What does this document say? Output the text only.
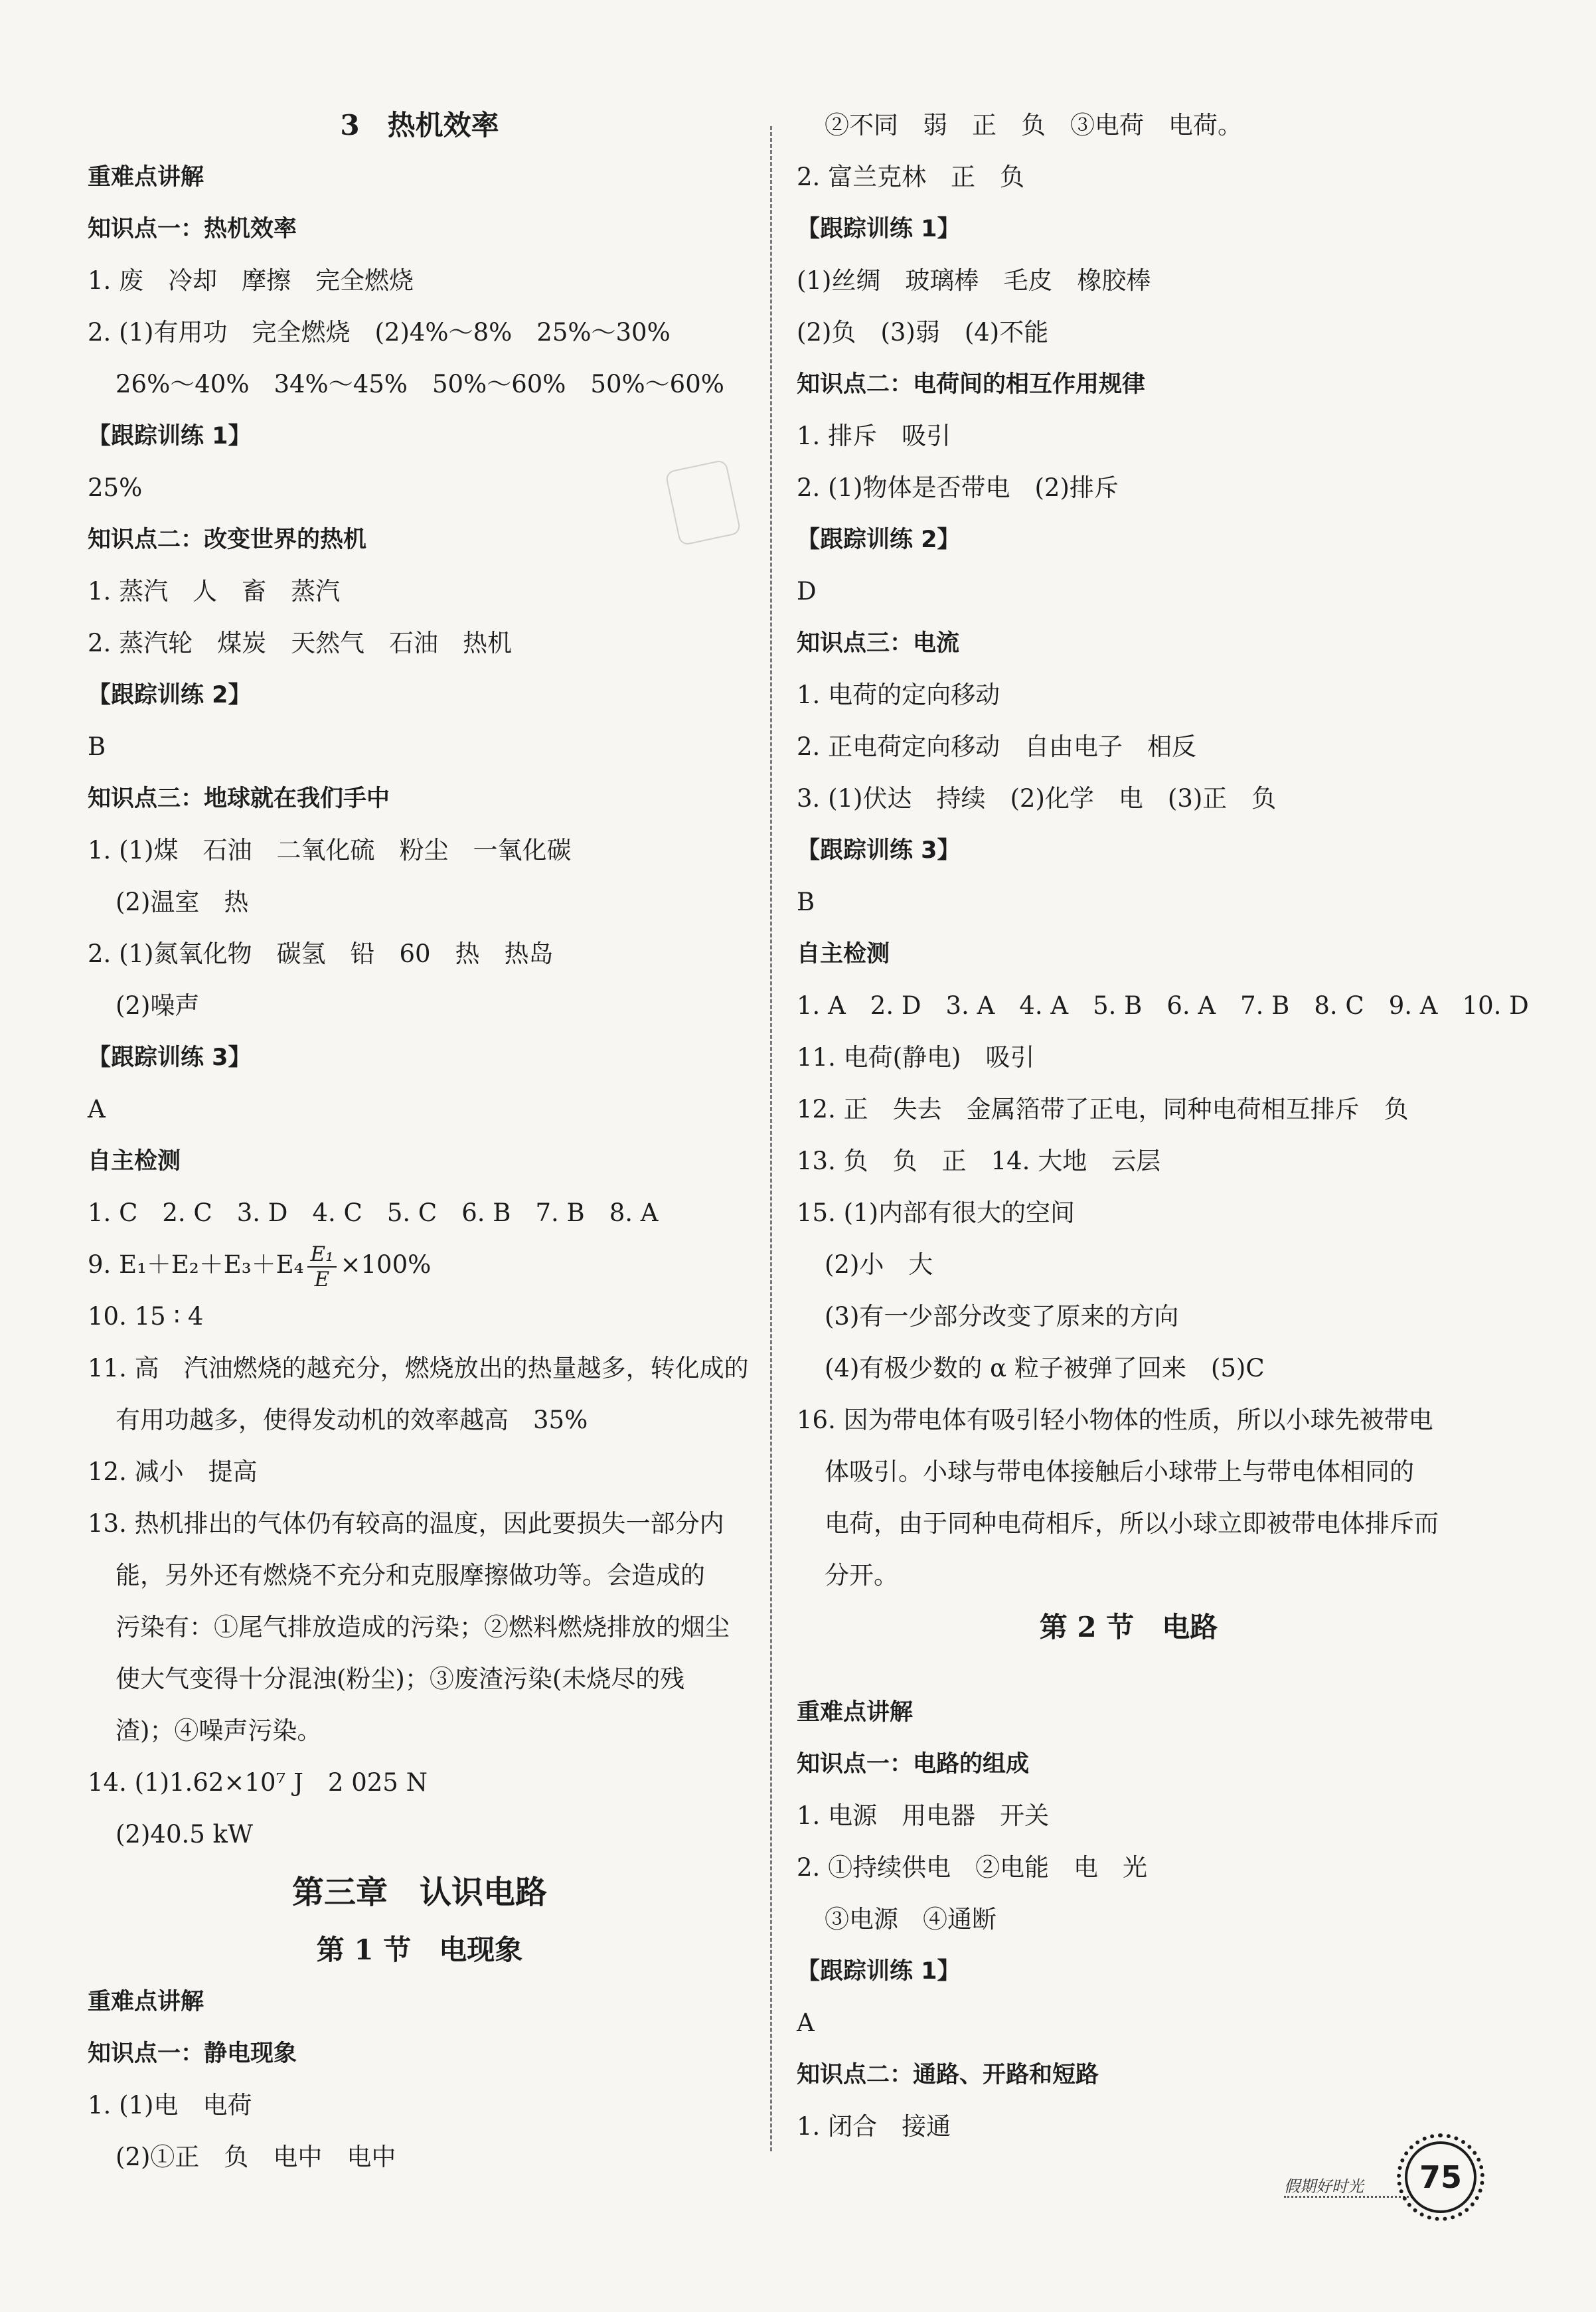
3　热机效率
重难点讲解
知识点一：热机效率
1. 废　冷却　摩擦　完全燃烧
2. (1)有用功　完全燃烧　(2)4%～8%　25%～30%
26%～40%　34%～45%　50%～60%　50%～60%
【跟踪训练 1】
25%
知识点二：改变世界的热机
1. 蒸汽　人　畜　蒸汽
2. 蒸汽轮　煤炭　天然气　石油　热机
【跟踪训练 2】
B
知识点三：地球就在我们手中
1. (1)煤　石油　二氧化硫　粉尘　一氧化碳
(2)温室　热
2. (1)氮氧化物　碳氢　铅　60　热　热岛
(2)噪声
【跟踪训练 3】
A
自主检测
1. C　2. C　3. D　4. C　5. C　6. B　7. B　8. A
9. $E_1+E_2+E_3+E_4 \frac{\text{E₁}}{E} \times 100\%$
10. 15 ∶ 4
11. 高　汽油燃烧的越充分，燃烧放出的热量越多，转化成的
有用功越多，使得发动机的效率越高　35%
12. 减小　提高
13. 热机排出的气体仍有较高的温度，因此要损失一部分内
能，另外还有燃烧不充分和克服摩擦做功等。会造成的
污染有：①尾气排放造成的污染；②燃料燃烧排放的烟尘
使大气变得十分混浊(粉尘)；③废渣污染(未烧尽的残
渣)；④噪声污染。
14. (1)1.62×10⁷ J　2 025 N
(2)40.5 kW
第三章　认识电路
第 1 节　电现象
重难点讲解
知识点一：静电现象
1. (1)电　电荷
(2)①正　负　电中　电中
②不同　弱　正　负　③电荷　电荷。
2. 富兰克林　正　负
【跟踪训练 1】
(1)丝绸　玻璃棒　毛皮　橡胶棒
(2)负　(3)弱　(4)不能
知识点二：电荷间的相互作用规律
1. 排斥　吸引
2. (1)物体是否带电　(2)排斥
【跟踪训练 2】
D
知识点三：电流
1. 电荷的定向移动
2. 正电荷定向移动　自由电子　相反
3. (1)伏达　持续　(2)化学　电　(3)正　负
【跟踪训练 3】
B
自主检测
1. A　2. D　3. A　4. A　5. B　6. A　7. B　8. C　9. A　10. D
11. 电荷(静电)　吸引
12. 正　失去　金属箔带了正电，同种电荷相互排斥　负
13. 负　负　正　14. 大地　云层
15. (1)内部有很大的空间
(2)小　大
(3)有一少部分改变了原来的方向
(4)有极少数的 α 粒子被弹了回来　(5)C
16. 因为带电体有吸引轻小物体的性质，所以小球先被带电
体吸引。小球与带电体接触后小球带上与带电体相同的
电荷，由于同种电荷相斥，所以小球立即被带电体排斥而
分开。
第 2 节　电路
重难点讲解
知识点一：电路的组成
1. 电源　用电器　开关
2. ①持续供电　②电能　电　光
③电源　④通断
【跟踪训练 1】
A
知识点二：通路、开路和短路
1. 闭合　接通
假期好时光	75
